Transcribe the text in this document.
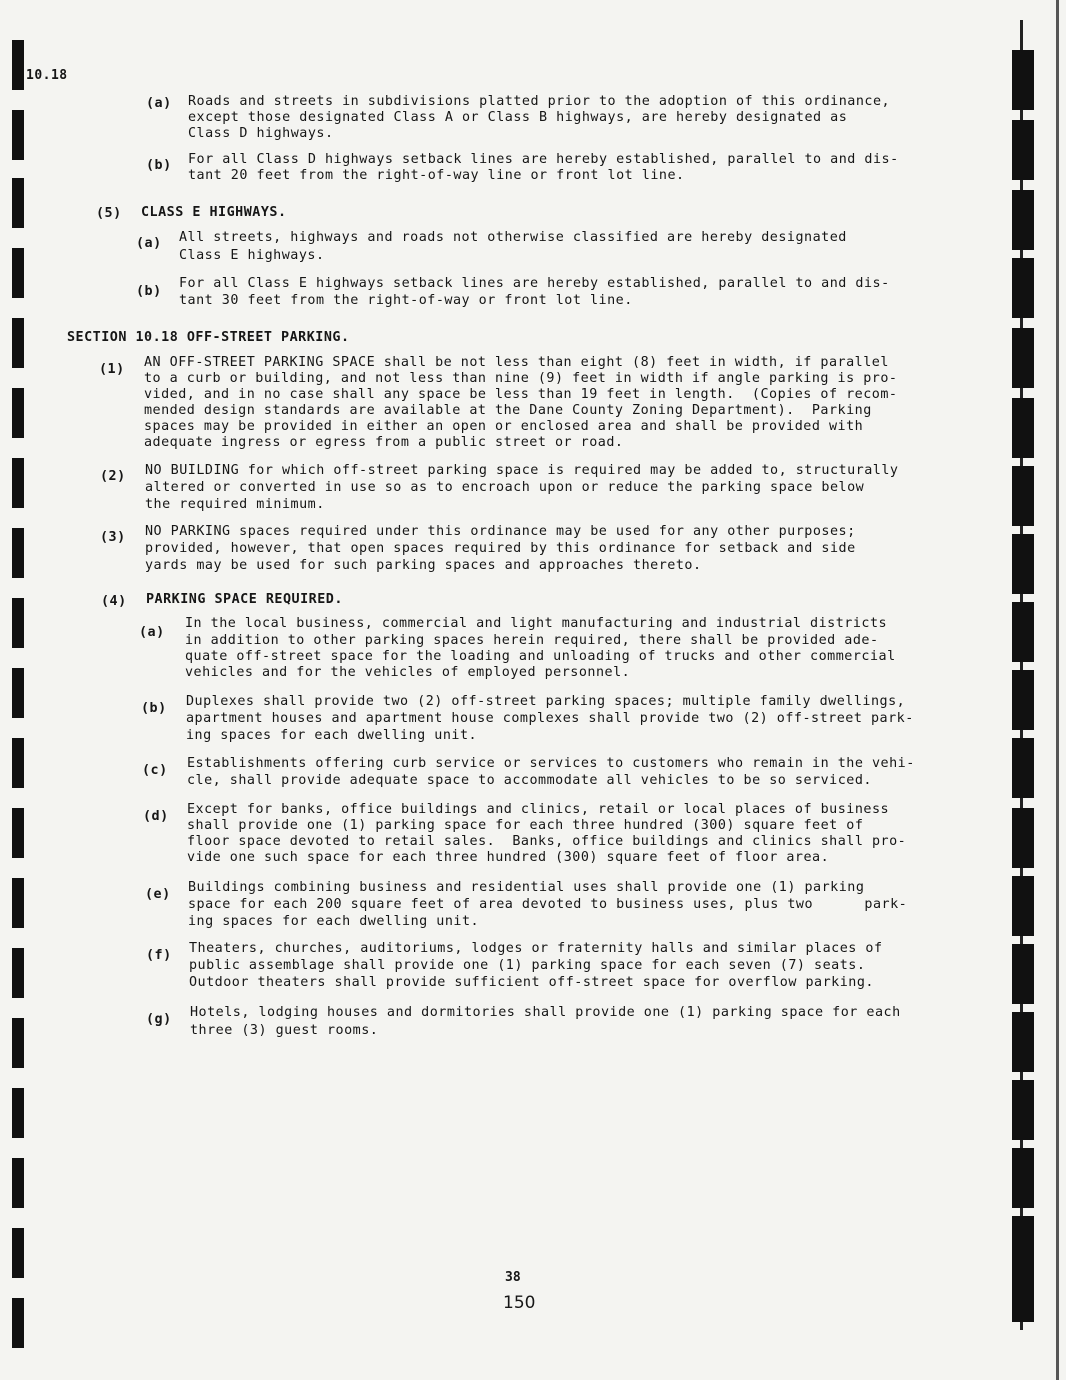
10.18
(a) Roads and streets in subdivisions platted prior to the adoption of this ordinance,
except those designated Class A or Class B highways, are hereby designated as
Class D highways.
(b) For all Class D highways setback lines are hereby established, parallel to and dis-
tant 20 feet from the right-of-way line or front lot line.
(5) CLASS E HIGHWAYS.
(a) All streets, highways and roads not otherwise classified are hereby designated
Class E highways.
(b)
For all Class E highways setback lines are hereby established, parallel to and dis-
tant 30 feet from the right-of-way or front lot line.
SECTION 10.18 OFF-STREET PARKING.
(1) AN OFF-STREET PARKING SPACE shall be not less than eight (8) feet in width, if parallel
to a curb or building, and not less than nine (9) feet in width if angle parking is pro-
vided, and in no case shall any space be less than 19 feet in length.  (Copies of recom-
mended design standards are available at the Dane County Zoning Department).  Parking
spaces may be provided in either an open or enclosed area and shall be provided with
adequate ingress or egress from a public street or road.
(2) NO BUILDING for which off-street parking space is required may be added to, structurally
altered or converted in use so as to encroach upon or reduce the parking space below
the required minimum.
(3) NO PARKING spaces required under this ordinance may be used for any other purposes;
provided, however, that open spaces required by this ordinance for setback and side
yards may be used for such parking spaces and approaches thereto.
(4) PARKING SPACE REQUIRED.
(a)
In the local business, commercial and light manufacturing and industrial districts
in addition to other parking spaces herein required, there shall be provided ade-
quate off-street space for the loading and unloading of trucks and other commercial
vehicles and for the vehicles of employed personnel.
(b) Duplexes shall provide two (2) off-street parking spaces; multiple family dwellings,
apartment houses and apartment house complexes shall provide two (2) off-street park-
ing spaces for each dwelling unit.
(c) Establishments offering curb service or services to customers who remain in the vehi-
cle, shall provide adequate space to accommodate all vehicles to be so serviced.
(d) Except for banks, office buildings and clinics, retail or local places of business
shall provide one (1) parking space for each three hundred (300) square feet of
floor space devoted to retail sales.  Banks, office buildings and clinics shall pro-
vide one such space for each three hundred (300) square feet of floor area.
(e) Buildings combining business and residential uses shall provide one (1) parking
space for each 200 square feet of area devoted to business uses, plus two      park-
ing spaces for each dwelling unit.
(f) Theaters, churches, auditoriums, lodges or fraternity halls and similar places of
public assemblage shall provide one (1) parking space for each seven (7) seats.
Outdoor theaters shall provide sufficient off-street space for overflow parking.
(g) Hotels, lodging houses and dormitories shall provide one (1) parking space for each
three (3) guest rooms.
38
150
